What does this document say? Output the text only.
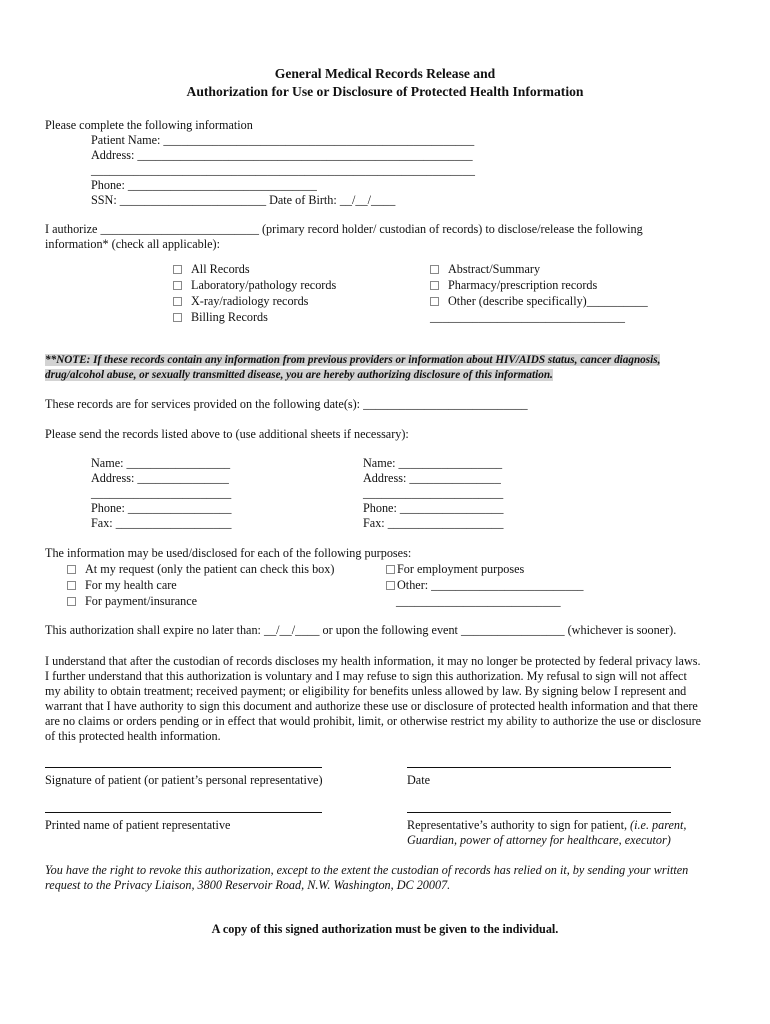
General Medical Records Release and
Authorization for Use or Disclosure of Protected Health Information
Please complete the following information
Patient Name: ___________________________________________________
Address: _______________________________________________________
_______________________________________________________________
Phone: _______________________________
SSN: ________________________ Date of Birth: __/__/____
I authorize __________________________ (primary record holder/ custodian of records) to disclose/release the following
information* (check all applicable):
All Records
Laboratory/pathology records
X-ray/radiology records
Billing Records
Abstract/Summary
Pharmacy/prescription records
Other (describe specifically)__________
________________________________
**NOTE: If these records contain any information from previous providers or information about HIV/AIDS status, cancer diagnosis,
drug/alcohol abuse, or sexually transmitted disease, you are hereby authorizing disclosure of this information.
These records are for services provided on the following date(s): ___________________________
Please send the records listed above to (use additional sheets if necessary):
Name: _________________
Address: _______________
_______________________
Phone: _________________
Fax: ___________________
Name: _________________
Address: _______________
_______________________
Phone: _________________
Fax: ___________________
The information may be used/disclosed for each of the following purposes:
At my request (only the patient can check this box)
For my health care
For payment/insurance
For employment purposes
Other: _________________________
___________________________
This authorization shall expire no later than: __/__/____ or upon the following event _________________ (whichever is sooner).
I understand that after the custodian of records discloses my health information, it may no longer be protected by federal privacy laws.
I further understand that this authorization is voluntary and I may refuse to sign this authorization. My refusal to sign will not affect
my ability to obtain treatment; received payment; or eligibility for benefits unless allowed by law. By signing below I represent and
warrant that I have authority to sign this document and authorize these use or disclosure of protected health information and that there
are no claims or orders pending or in effect that would prohibit, limit, or otherwise restrict my ability to authorize the use or disclosure
of this protected health information.
Signature of patient (or patient’s personal representative)	Date
Printed name of patient representative	Representative’s authority to sign for patient, (i.e. parent,
Guardian, power of attorney for healthcare, executor)
You have the right to revoke this authorization, except to the extent the custodian of records has relied on it, by sending your written
request to the Privacy Liaison, 3800 Reservoir Road, N.W. Washington, DC 20007.
A copy of this signed authorization must be given to the individual.
